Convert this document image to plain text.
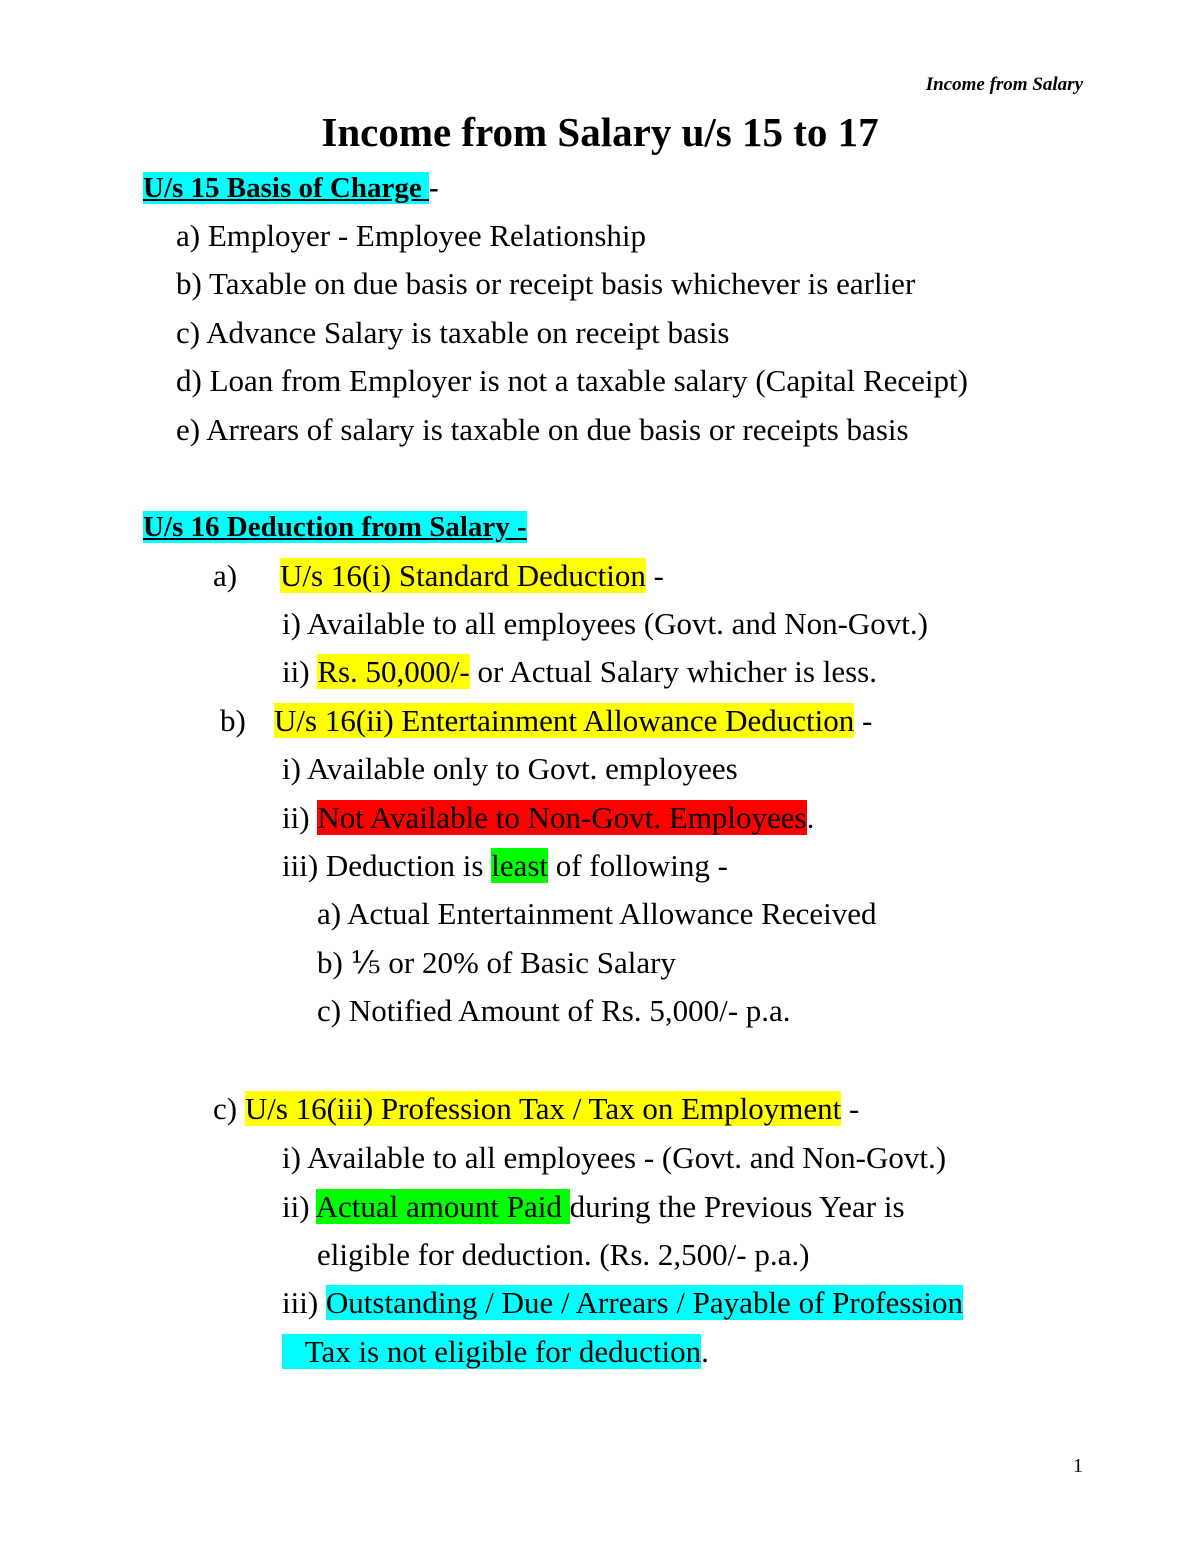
Income from Salary
Income from Salary u/s 15 to 17
U/s 15 Basis of Charge -
a) Employer - Employee Relationship
b) Taxable on due basis or receipt basis whichever is earlier
c) Advance Salary is taxable on receipt basis
d) Loan from Employer is not a taxable salary (Capital Receipt)
e) Arrears of salary is taxable on due basis or receipts basis
U/s 16 Deduction from Salary -
a) U/s 16(i) Standard Deduction -
i) Available to all employees (Govt. and Non-Govt.)
ii) Rs. 50,000/- or Actual Salary whicher is less.
b) U/s 16(ii) Entertainment Allowance Deduction -
i) Available only to Govt. employees
ii) Not Available to Non-Govt. Employees.
iii) Deduction is least of following -
a) Actual Entertainment Allowance Received
b) ⅕ or 20% of Basic Salary
c) Notified Amount of Rs. 5,000/- p.a.
c) U/s 16(iii) Profession Tax / Tax on Employment -
i) Available to all employees - (Govt. and Non-Govt.)
ii) Actual amount Paid during the Previous Year is
eligible for deduction. (Rs. 2,500/- p.a.)
iii) Outstanding / Due / Arrears / Payable of Profession
Tax is not eligible for deduction.
1
